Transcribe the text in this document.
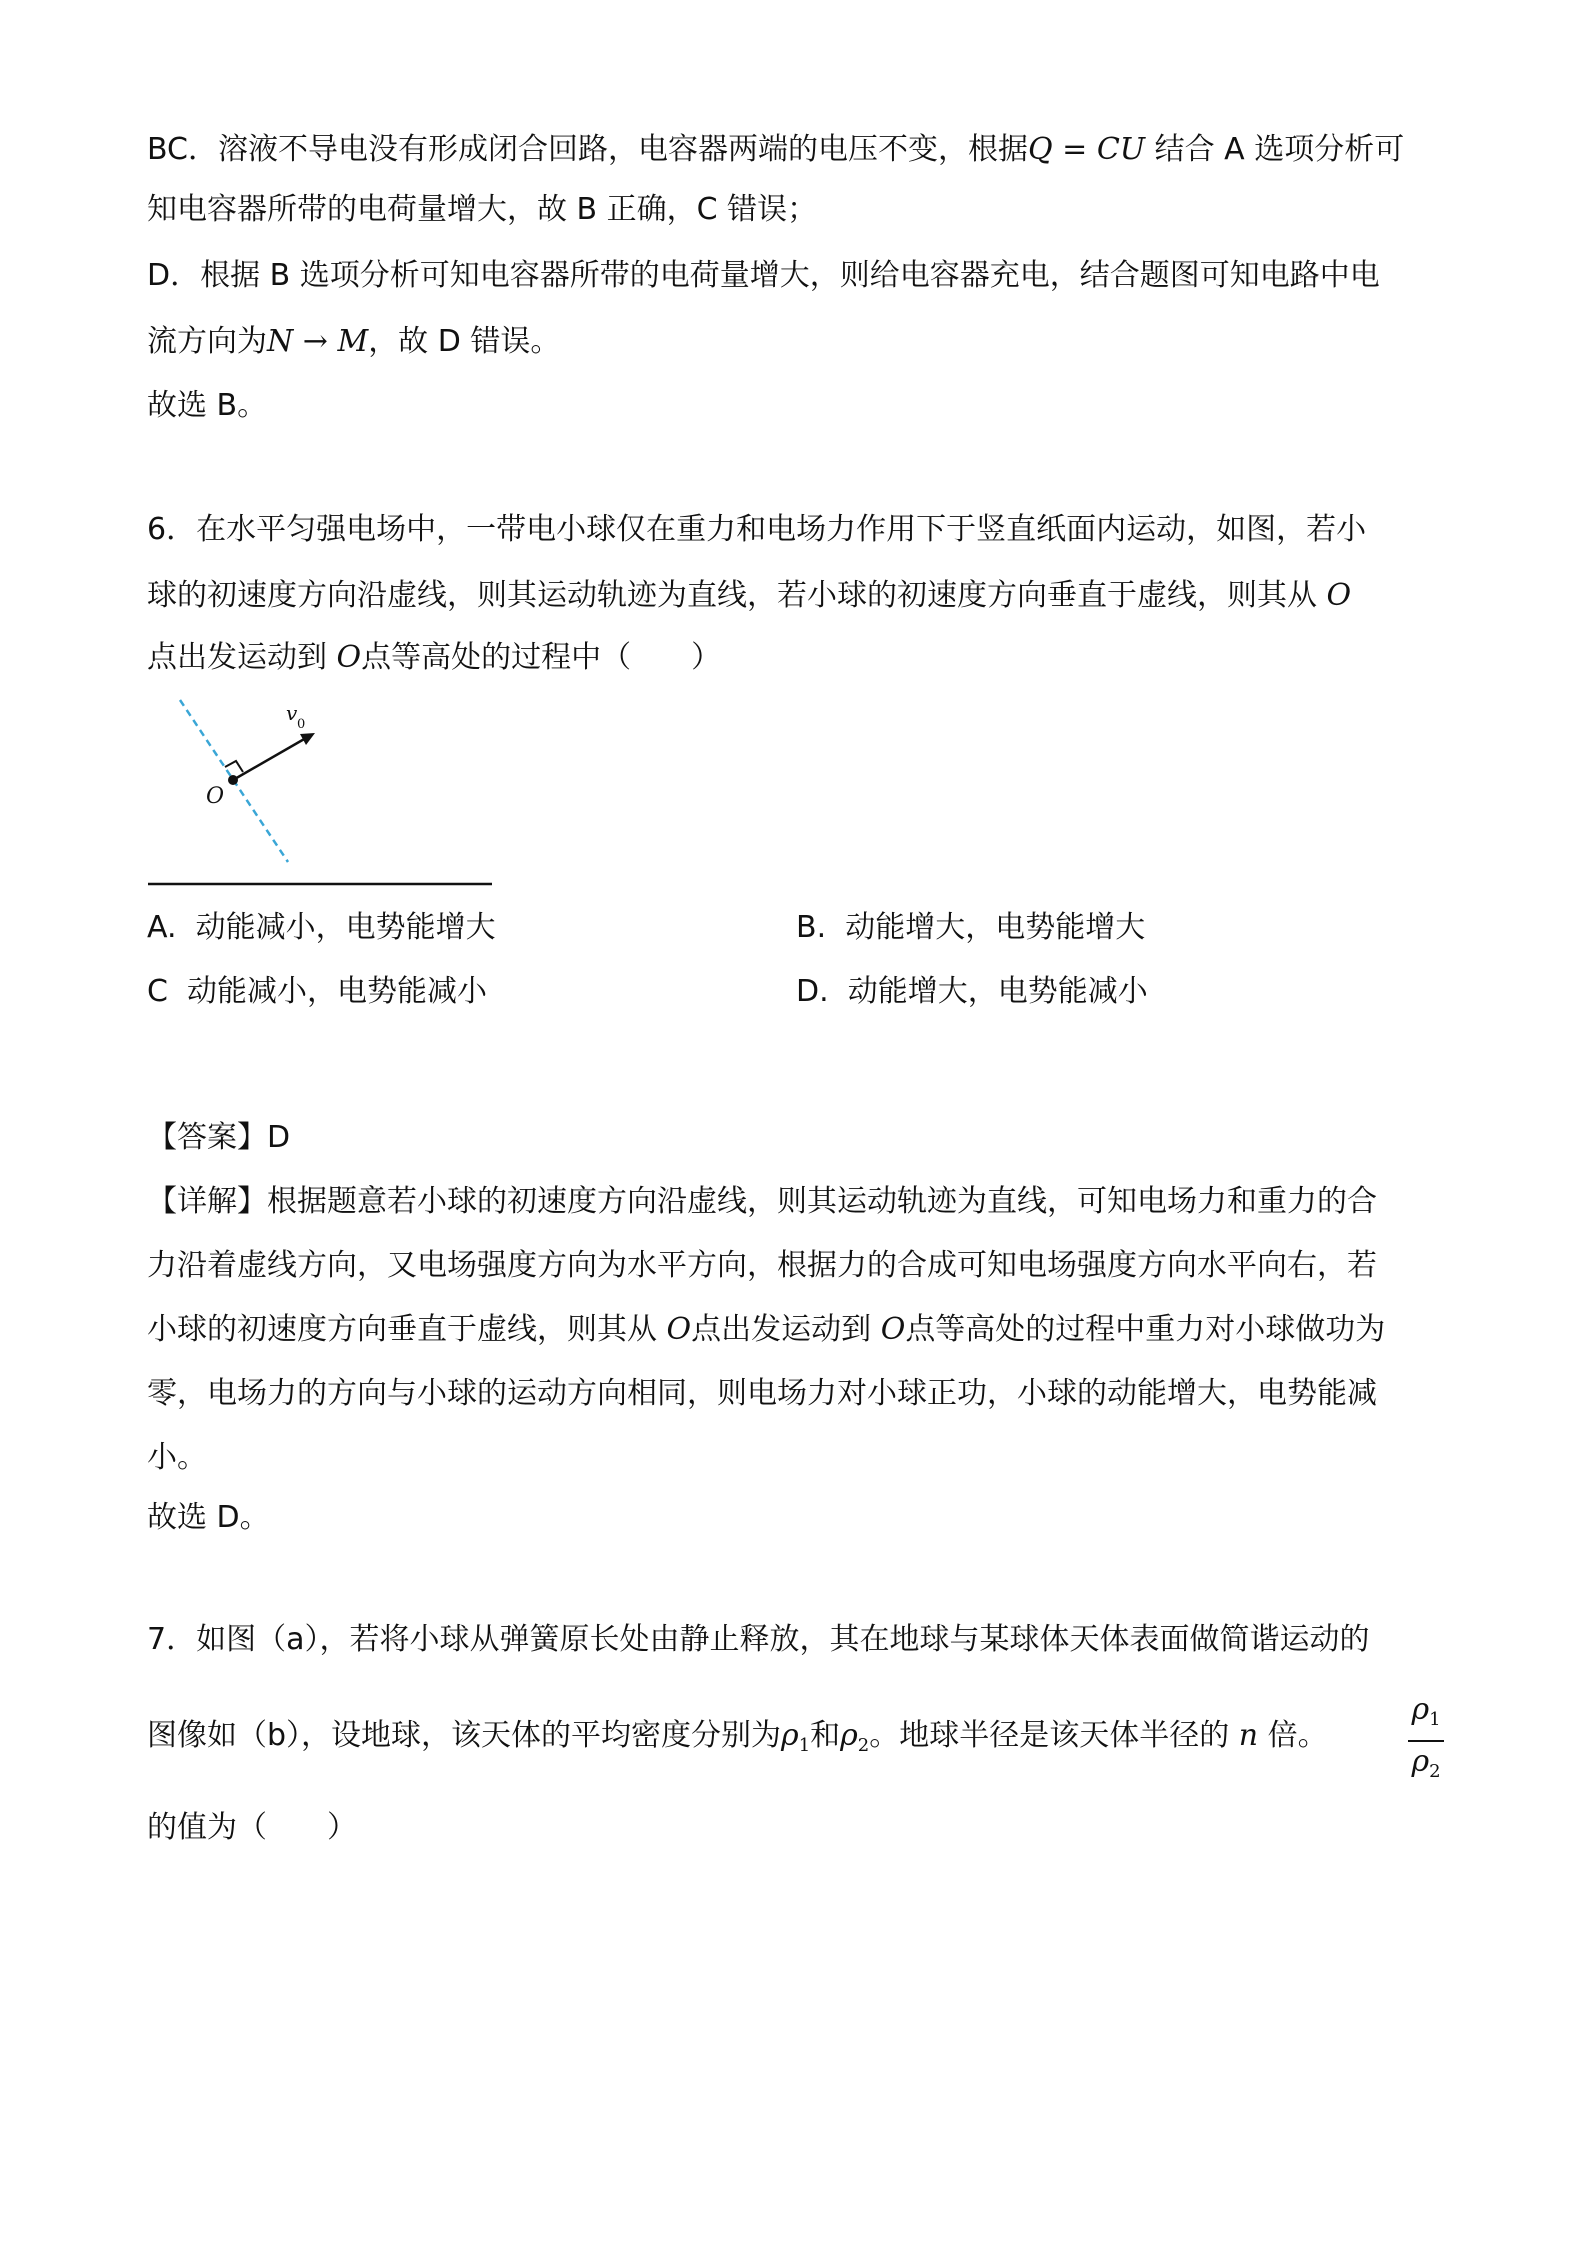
BC．溶液不导电没有形成闭合回路，电容器两端的电压不变，根据Q = CU 结合 A 选项分析可
知电容器所带的电荷量增大，故 B 正确，C 错误；
D．根据 B 选项分析可知电容器所带的电荷量增大，则给电容器充电，结合题图可知电路中电
流方向为N → M，故 D 错误。
故选 B。
6．在水平匀强电场中，一带电小球仅在重力和电场力作用下于竖直纸面内运动，如图，若小
球的初速度方向沿虚线，则其运动轨迹为直线，若小球的初速度方向垂直于虚线，则其从 O
点出发运动到 O点等高处的过程中（　　）
v 0
O
A. 动能减小，电势能增大	B. 动能增大，电势能增大
C 动能减小，电势能减小	D. 动能增大，电势能减小
【答案】D
【详解】根据题意若小球的初速度方向沿虚线，则其运动轨迹为直线，可知电场力和重力的合
力沿着虚线方向，又电场强度方向为水平方向，根据力的合成可知电场强度方向水平向右，若
小球的初速度方向垂直于虚线，则其从 O点出发运动到 O点等高处的过程中重力对小球做功为
零，电场力的方向与小球的运动方向相同，则电场力对小球正功，小球的动能增大，电势能减
小。
故选 D。
7．如图（a），若将小球从弹簧原长处由静止释放，其在地球与某球体天体表面做简谐运动的
图像如（b），设地球，该天体的平均密度分别为$\rho_1$和$\rho_2$。地球半径是该天体半径的 n 倍。
$\rho_1$
$\rho_2$
的值为（　　）
